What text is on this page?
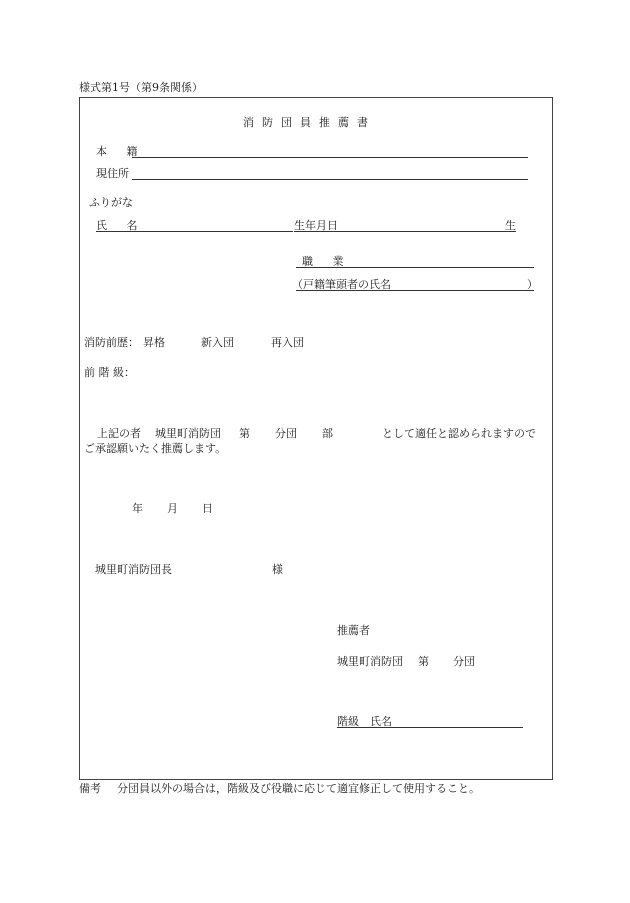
様式第1号（第9条関係）
消防団員推薦書
本 籍
現住所
ふりがな
氏 名	生年月日	生
職 業
（戸籍筆頭者の氏名	）
消防前歴： 昇格	新入団	再入団
前 階 級：
上記の者 城里町消防団 第 分団 部	として適任と認められますので
ご承認願いたく推薦します。
年 月 日
城里町消防団長	様
推薦者
城里町消防団 第 分団
階級　氏名
備考 分団員以外の場合は，階級及び役職に応じて適宜修正して使用すること。
